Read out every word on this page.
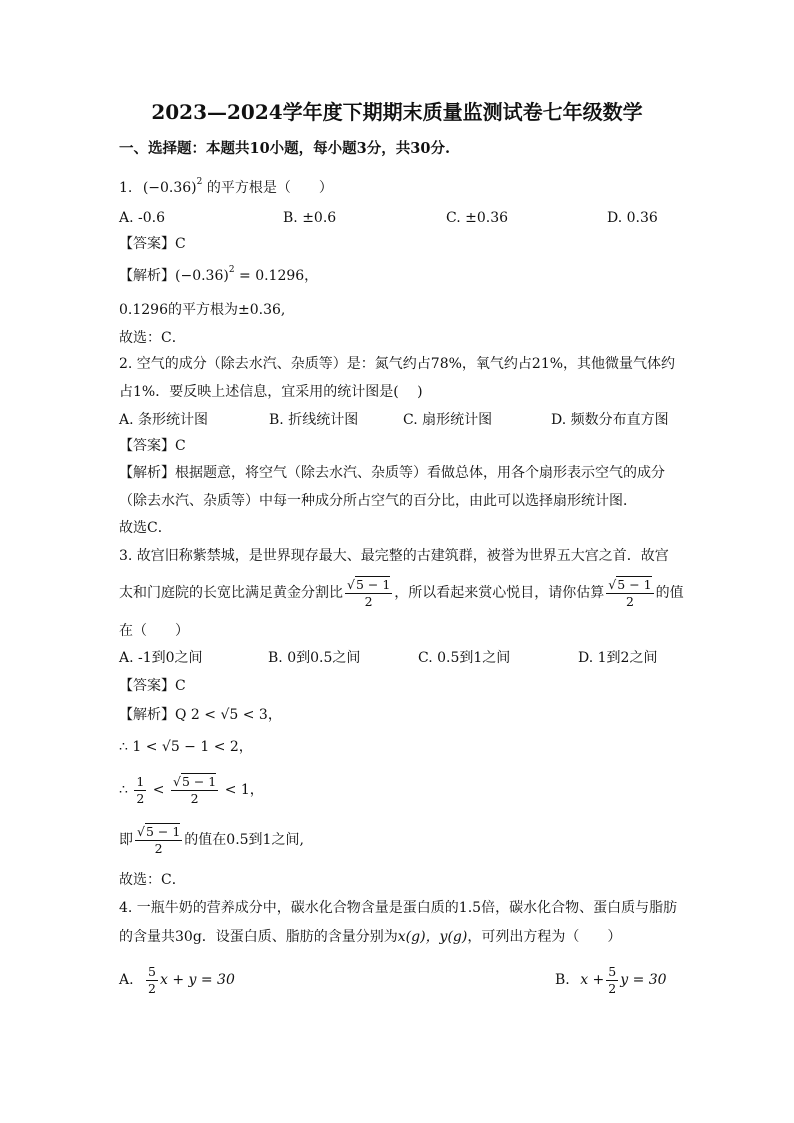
2023—2024学年度下期期末质量监测试卷七年级数学
一、选择题：本题共10小题，每小题3分，共30分.
1. $(-0.36)^2$ 的平方根是（　　）
A. -0.6	B. ±0.6	C. ±0.36	D. 0.36
【答案】C
【解析】$(-0.36)^2 = 0.1296$，
0.1296的平方根为±0.36,
故选：C．
2. 空气的成分（除去水汽、杂质等）是：氮气约占78%，氧气约占21%，其他微量气体约
占1%．要反映上述信息，宜采用的统计图是(　 )
A. 条形统计图	B. 折线统计图	C. 扇形统计图	D. 频数分布直方图
【答案】C
【解析】根据题意，将空气（除去水汽、杂质等）看做总体，用各个扇形表示空气的成分
（除去水汽、杂质等）中每一种成分所占空气的百分比，由此可以选择扇形统计图．
故选C．
3. 故宫旧称紫禁城，是世界现存最大、最完整的古建筑群，被誉为世界五大宫之首．故宫
太和门庭院的长宽比满足黄金分割比 $\frac{√5 - 1}{2}$ ，所以看起来赏心悦目，请你估算 $\frac{√5 - 1}{2}$ 的值
在（　　）
A. -1到0之间	B. 0到0.5之间	C. 0.5到1之间	D. 1到2之间
【答案】C
【解析】Q 2 < √5 < 3，
∴ 1 < √5 − 1 < 2，
∴ $\frac{1}{2} < \frac{√5 - 1}{2} < 1$，
即 $\frac{√5 - 1}{2}$ 的值在0.5到1之间,
故选：C．
4. 一瓶牛奶的营养成分中，碳水化合物含量是蛋白质的1.5倍，碳水化合物、蛋白质与脂肪
的含量共30g．设蛋白质、脂肪的含量分别为x(g)，y(g)，可列出方程为（　　）
A. $\frac{5}{2}$ x + y = 30	B. $x + \frac{5}{2}$ y = 30
